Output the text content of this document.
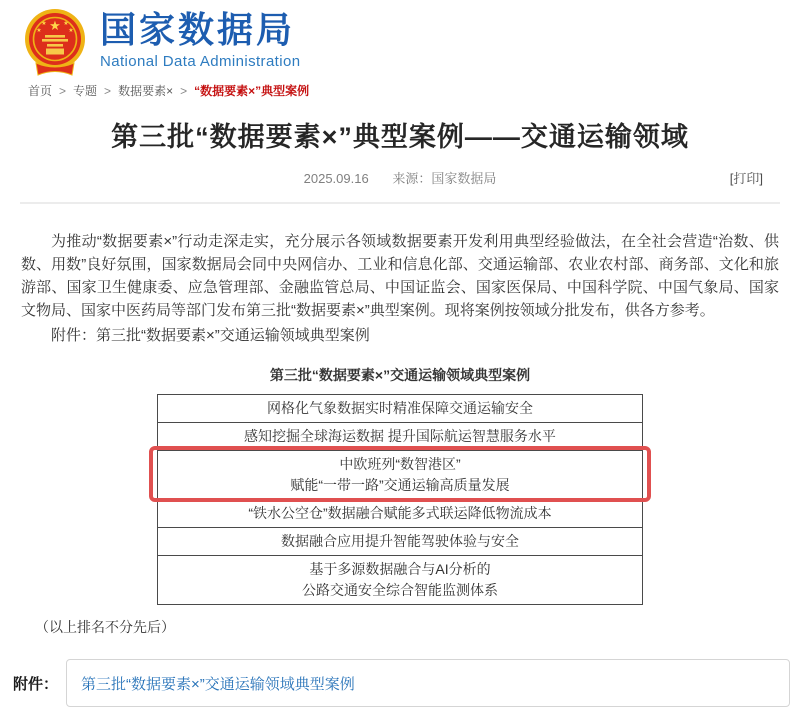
★
★	★
★	★ 国家数据局
National Data Administration
首页 > 专题 > 数据要素× > “数据要素×”典型案例
第三批“数据要素×”典型案例——交通运输领域
2025.09.16 来源：国家数据局	[打印]

为推动“数据要素×”行动走深走实，充分展示各领域数据要素开发利用典型经验做法，在全社会营造“治数、供数、用数”良好氛围，国家数据局会同中央网信办、工业和信息化部、交通运输部、农业农村部、商务部、文化和旅游部、国家卫生健康委、应急管理部、金融监管总局、中国证监会、国家医保局、中国科学院、中国气象局、国家文物局、国家中医药局等部门发布第三批“数据要素×”典型案例。现将案例按领域分批发布，供各方参考。

附件：第三批“数据要素×”交通运输领域典型案例

第三批“数据要素×”交通运输领域典型案例
网格化气象数据实时精准保障交通运输安全
感知挖掘全球海运数据 提升国际航运智慧服务水平
中欧班列“数智港区”
赋能“一带一路”交通运输高质量发展
“铁水公空仓”数据融合赋能多式联运降低物流成本
数据融合应用提升智能驾驶体验与安全
基于多源数据融合与AI分析的
公路交通安全综合智能监测体系
（以上排名不分先后）
附件： 第三批“数据要素×”交通运输领域典型案例
